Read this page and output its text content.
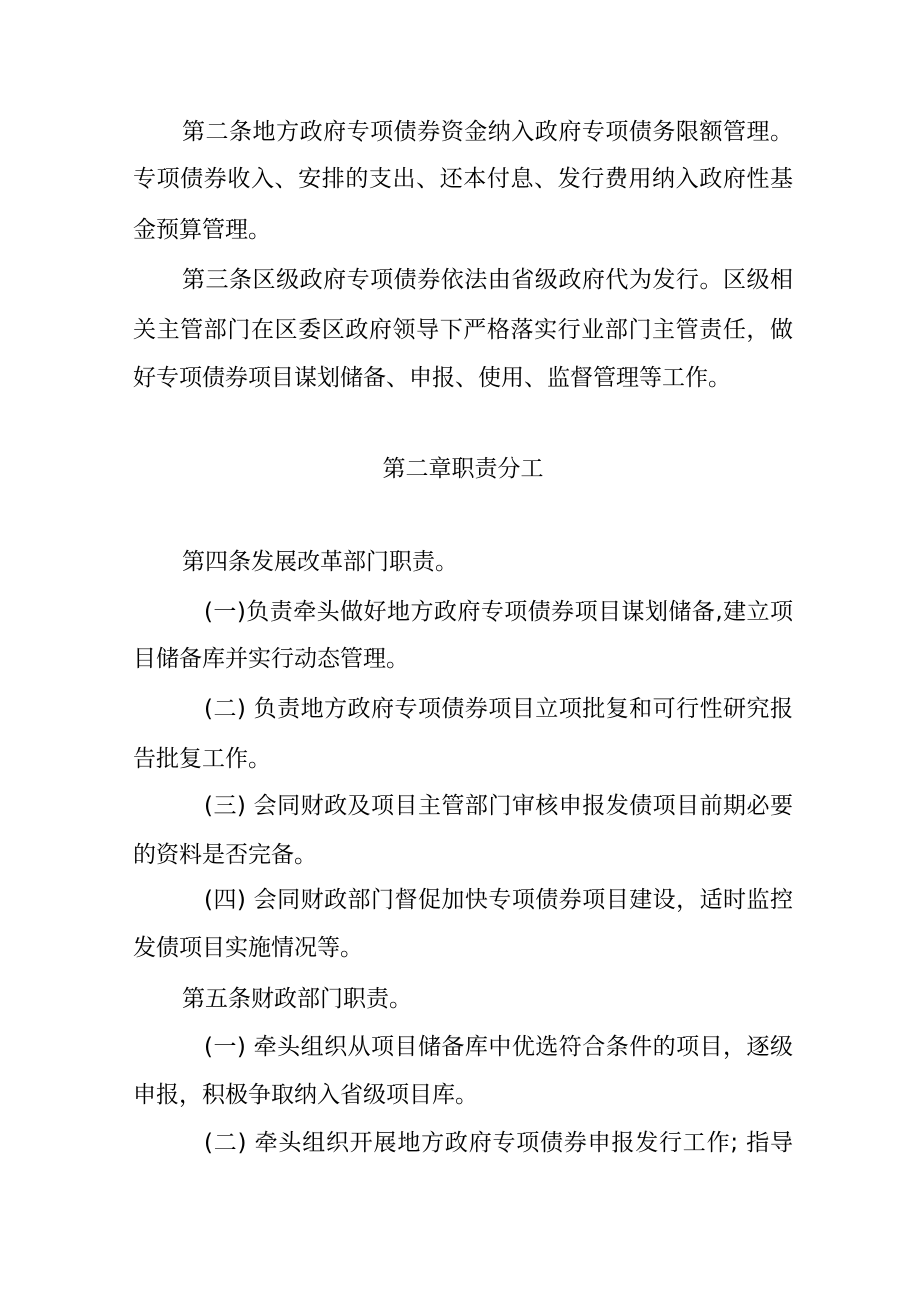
第二条地方政府专项债券资金纳入政府专项债务限额管理。
专项债券收入、安排的支出、还本付息、发行费用纳入政府性基
金预算管理。
第三条区级政府专项债券依法由省级政府代为发行。区级相
关主管部门在区委区政府领导下严格落实行业部门主管责任，做
好专项债券项目谋划储备、申报、使用、监督管理等工作。
第二章职责分工
第四条发展改革部门职责。
(一)负责牵头做好地方政府专项债券项目谋划储备,建立项
目储备库并实行动态管理。
(二) 负责地方政府专项债券项目立项批复和可行性研究报
告批复工作。
(三) 会同财政及项目主管部门审核申报发债项目前期必要
的资料是否完备。
(四) 会同财政部门督促加快专项债券项目建设，适时监控
发债项目实施情况等。
第五条财政部门职责。
(一) 牵头组织从项目储备库中优选符合条件的项目，逐级
申报，积极争取纳入省级项目库。
(二) 牵头组织开展地方政府专项债券申报发行工作; 指导
